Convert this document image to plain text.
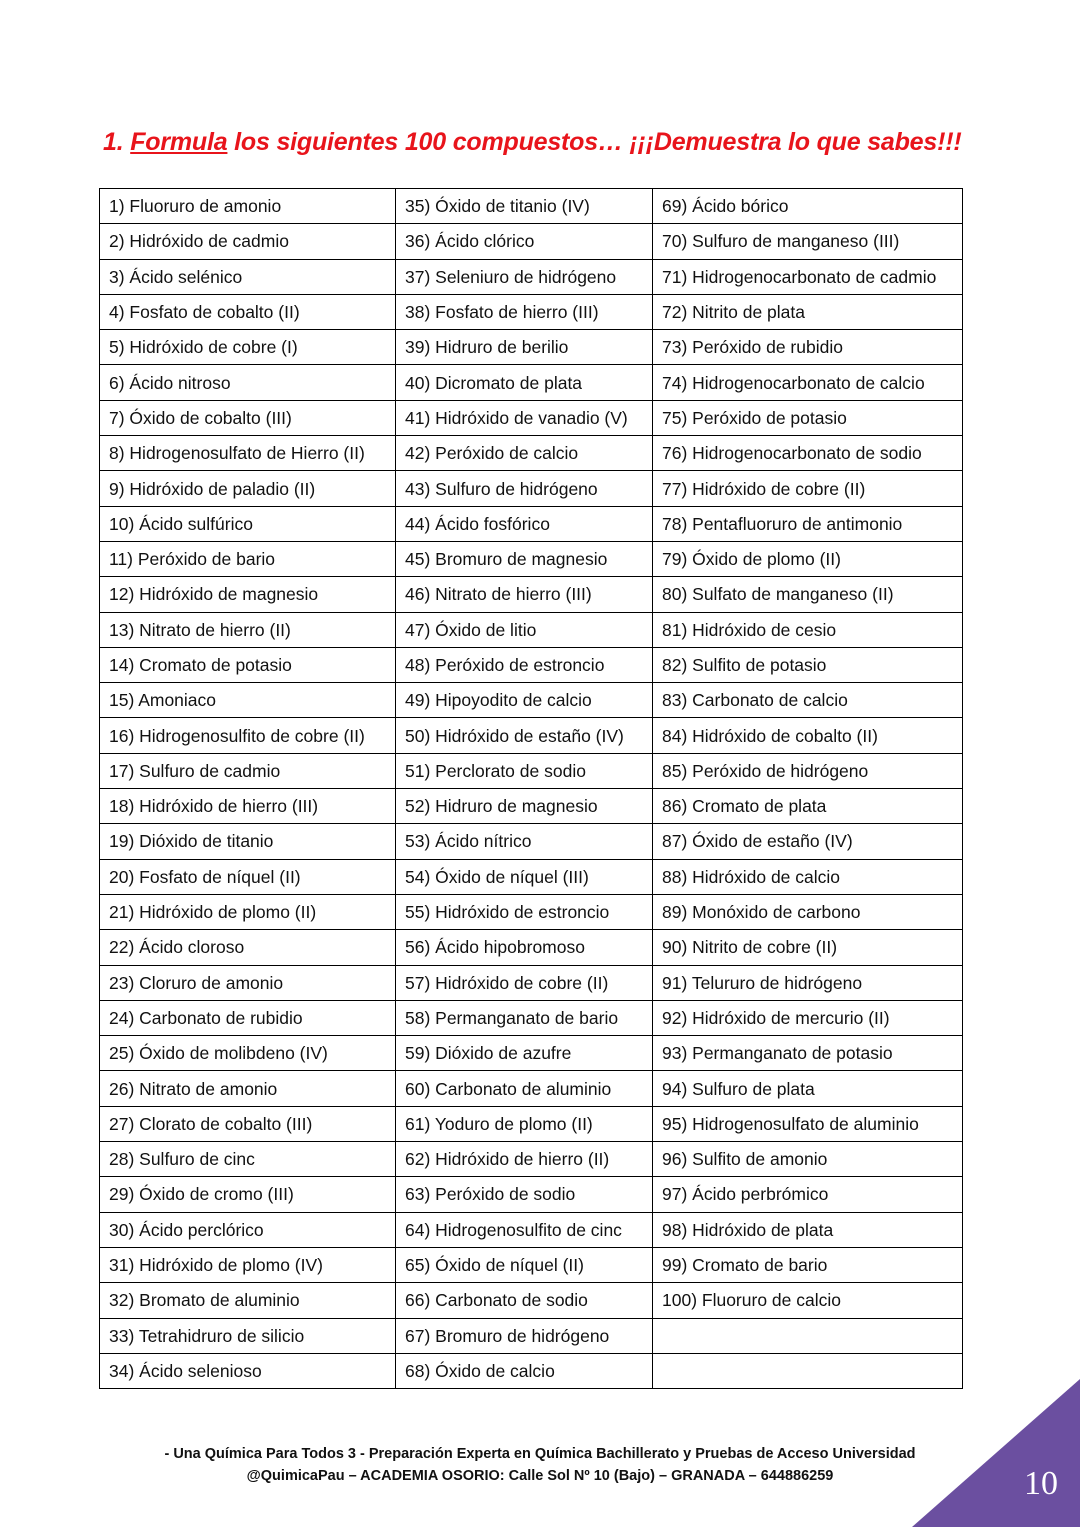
1. Formula los siguientes 100 compuestos… ¡¡¡Demuestra lo que sabes!!!
1) Fluoruro de amonio	35) Óxido de titanio (IV)	69) Ácido bórico
2) Hidróxido de cadmio	36) Ácido clórico	70) Sulfuro de manganeso (III)
3) Ácido selénico	37) Seleniuro de hidrógeno	71) Hidrogenocarbonato de cadmio
4) Fosfato de cobalto (II)	38) Fosfato de hierro (III)	72) Nitrito de plata
5) Hidróxido de cobre (I)	39) Hidruro de berilio	73) Peróxido de rubidio
6) Ácido nitroso	40) Dicromato de plata	74) Hidrogenocarbonato de calcio
7) Óxido de cobalto (III)	41) Hidróxido de vanadio (V)	75) Peróxido de potasio
8) Hidrogenosulfato de Hierro (II)	42) Peróxido de calcio	76) Hidrogenocarbonato de sodio
9) Hidróxido de paladio (II)	43) Sulfuro de hidrógeno	77) Hidróxido de cobre (II)
10) Ácido sulfúrico	44) Ácido fosfórico	78) Pentafluoruro de antimonio
11) Peróxido de bario	45) Bromuro de magnesio	79) Óxido de plomo (II)
12) Hidróxido de magnesio	46) Nitrato de hierro (III)	80) Sulfato de manganeso (II)
13) Nitrato de hierro (II)	47) Óxido de litio	81) Hidróxido de cesio
14) Cromato de potasio	48) Peróxido de estroncio	82) Sulfito de potasio
15) Amoniaco	49) Hipoyodito de calcio	83) Carbonato de calcio
16) Hidrogenosulfito de cobre (II)	50) Hidróxido de estaño (IV)	84) Hidróxido de cobalto (II)
17) Sulfuro de cadmio	51) Perclorato de sodio	85) Peróxido de hidrógeno
18) Hidróxido de hierro (III)	52) Hidruro de magnesio	86) Cromato de plata
19) Dióxido de titanio	53) Ácido nítrico	87) Óxido de estaño (IV)
20) Fosfato de níquel (II)	54) Óxido de níquel (III)	88) Hidróxido de calcio
21) Hidróxido de plomo (II)	55) Hidróxido de estroncio	89) Monóxido de carbono
22) Ácido cloroso	56) Ácido hipobromoso	90) Nitrito de cobre (II)
23) Cloruro de amonio	57) Hidróxido de cobre (II)	91) Telururo de hidrógeno
24) Carbonato de rubidio	58) Permanganato de bario	92) Hidróxido de mercurio (II)
25) Óxido de molibdeno (IV)	59) Dióxido de azufre	93) Permanganato de potasio
26) Nitrato de amonio	60) Carbonato de aluminio	94) Sulfuro de plata
27) Clorato de cobalto (III)	61) Yoduro de plomo (II)	95) Hidrogenosulfato de aluminio
28) Sulfuro de cinc	62) Hidróxido de hierro (II)	96) Sulfito de amonio
29) Óxido de cromo (III)	63) Peróxido de sodio	97) Ácido perbrómico
30) Ácido perclórico	64) Hidrogenosulfito de cinc	98) Hidróxido de plata
31) Hidróxido de plomo (IV)	65) Óxido de níquel (II)	99) Cromato de bario
32) Bromato de aluminio	66) Carbonato de sodio	100) Fluoruro de calcio
33) Tetrahidruro de silicio	67) Bromuro de hidrógeno	
34) Ácido selenioso	68) Óxido de calcio	
- Una Química Para Todos 3 - Preparación Experta en Química Bachillerato y Pruebas de Acceso Universidad
@QuimicaPau – ACADEMIA OSORIO: Calle Sol Nº 10 (Bajo) – GRANADA – 644886259	10
